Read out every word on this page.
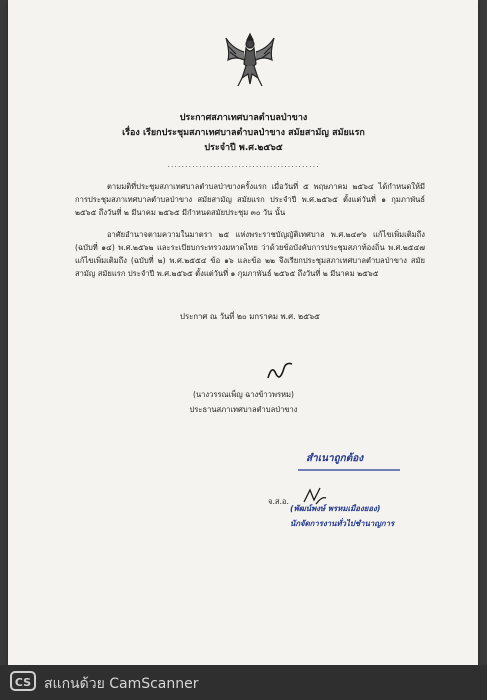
ประกาศสภาเทศบาลตำบลป่าขาง
เรื่อง เรียกประชุมสภาเทศบาลตำบลป่าขาง สมัยสามัญ สมัยแรก
ประจำปี พ.ศ.๒๕๖๕
...........................................

ตามมติที่ประชุมสภาเทศบาลตำบลป่าขางครั้งแรก เมื่อวันที่ ๕ พฤษภาคม ๒๕๖๔ ได้กำหนดให้มีการประชุมสภาเทศบาลตำบลป่าขาง สมัยสามัญ สมัยแรก ประจำปี พ.ศ.๒๕๖๕ ตั้งแต่วันที่ ๑ กุมภาพันธ์ ๒๕๖๕ ถึงวันที่ ๒ มีนาคม ๒๕๖๕ มีกำหนดสมัยประชุม ๓๐ วัน นั้น

อาศัยอำนาจตามความในมาตรา ๒๕ แห่งพระราชบัญญัติเทศบาล พ.ศ.๒๔๙๖ แก้ไขเพิ่มเติมถึง (ฉบับที่ ๑๔) พ.ศ.๒๕๖๒ และระเบียบกระทรวงมหาดไทย ว่าด้วยข้อบังคับการประชุมสภาท้องถิ่น พ.ศ.๒๕๔๗ แก้ไขเพิ่มเติมถึง (ฉบับที่ ๒) พ.ศ.๒๕๕๔ ข้อ ๑๖ และข้อ ๒๒ จึงเรียกประชุมสภาเทศบาลตำบลป่าขาง สมัยสามัญ สมัยแรก ประจำปี พ.ศ.๒๕๖๕ ตั้งแต่วันที่ ๑ กุมภาพันธ์ ๒๕๖๕ ถึงวันที่ ๒ มีนาคม ๒๕๖๕

ประกาศ ณ วันที่ ๒๐ มกราคม พ.ศ. ๒๕๖๕
(นางวรรณเพ็ญ ฉางข้าวพรหม)
ประธานสภาเทศบาลตำบลป่าขาง
สำเนาถูกต้อง
จ.ส.อ.
(พัฒน์พงษ์ พรหมเมืองยอง)
นักจัดการงานทั่วไปชำนาญการ
CS สแกนด้วย CamScanner
